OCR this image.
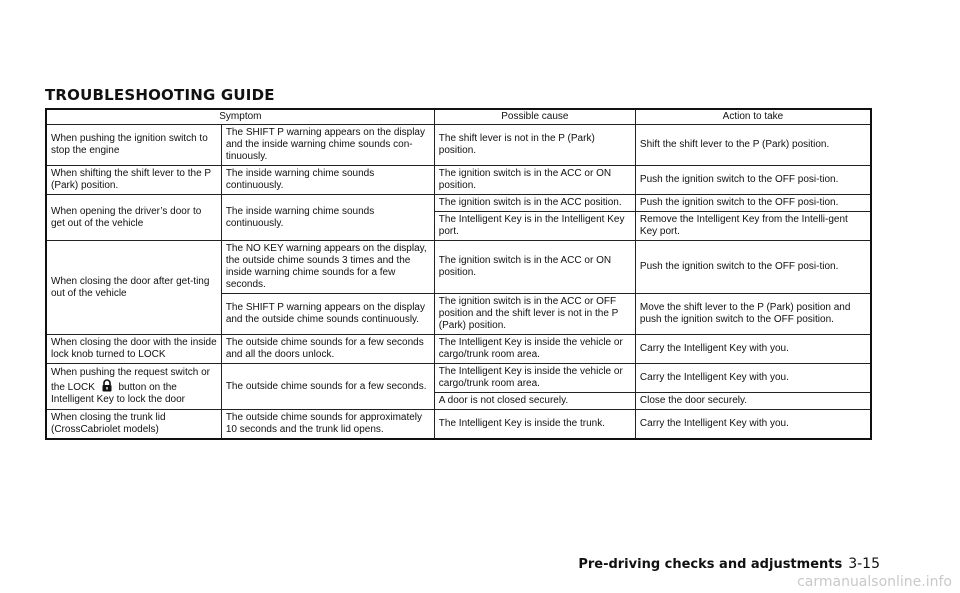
TROUBLESHOOTING GUIDE
Symptom		Possible cause	Action to take
When pushing the ignition switch to stop the engine	The SHIFT P warning appears on the display and the inside warning chime sounds con-tinuously.	The shift lever is not in the P (Park) position.	Shift the shift lever to the P (Park) position.
When shifting the shift lever to the P (Park) position.	The inside warning chime sounds continuously.	The ignition switch is in the ACC or ON position.	Push the ignition switch to the OFF posi-tion.
When opening the driver’s door to get out of the vehicle	The inside warning chime sounds continuously.	The ignition switch is in the ACC position.	Push the ignition switch to the OFF posi-tion.
		The Intelligent Key is in the Intelligent Key port.	Remove the Intelligent Key from the Intelli-gent Key port.
When closing the door after get-ting out of the vehicle	The NO KEY warning appears on the display, the outside chime sounds 3 times and the inside warning chime sounds for a few seconds.	The ignition switch is in the ACC or ON position.	Push the ignition switch to the OFF posi-tion.
	The SHIFT P warning appears on the display and the outside chime sounds continuously.	The ignition switch is in the ACC or OFF position and the shift lever is not in the P (Park) position.	Move the shift lever to the P (Park) position and push the ignition switch to the OFF position.
When closing the door with the inside lock knob turned to LOCK	The outside chime sounds for a few seconds and all the doors unlock.	The Intelligent Key is inside the vehicle or cargo/trunk room area.	Carry the Intelligent Key with you.
When pushing the request switch or the LOCK button on the Intelligent Key to lock the door	The outside chime sounds for a few seconds.	The Intelligent Key is inside the vehicle or cargo/trunk room area.	Carry the Intelligent Key with you.
		A door is not closed securely.	Close the door securely.
When closing the trunk lid (CrossCabriolet models)	The outside chime sounds for approximately 10 seconds and the trunk lid opens.	The Intelligent Key is inside the trunk.	Carry the Intelligent Key with you.
Pre-driving checks and adjustments 3-15
carmanualsonline.info
